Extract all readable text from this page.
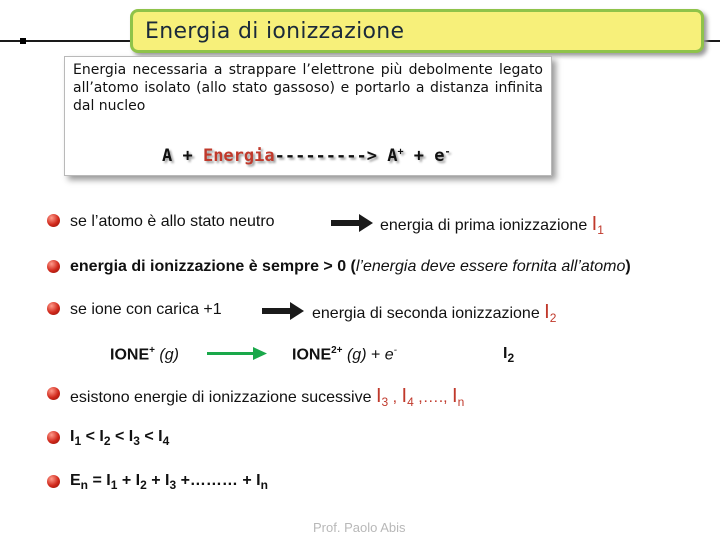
Energia di ionizzazione
Energia necessaria a strappare l’elettrone più debolmente legato all’atomo isolato (allo stato gassoso) e portarlo a distanza infinita dal nucleo
A + Energia---------> A+ + e-
se l’atomo è allo stato neutro	energia di prima ionizzazione $I_1$
energia di ionizzazione è sempre > 0 (l’energia deve essere fornita all’atomo)
se ione con carica +1	energia di seconda ionizzazione $I_2$
IONE+ (g)	$IONE^{2+}$ (g) + e-	$I_2$
esistono energie di ionizzazione sucessive $I_3$ , $I_4$ ,…., $I_n$
$I_1 < I_2 < I_3 < I_4$
$E_n = I_1 + I_2 + I_3$ +……… + $I_n$
Prof. Paolo Abis
